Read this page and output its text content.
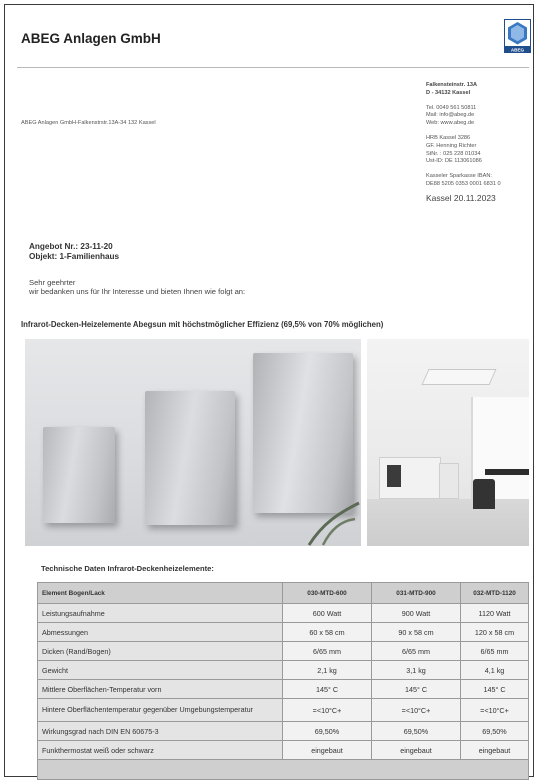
ABEG Anlagen GmbH
ABEG
ABEG Anlagen GmbH-Falkenstrstr.13A-34 132 Kassel
Falkensteinstr. 13A
D - 34132 Kassel
Tel. 0049 561 50811
Mail: info@abeg.de
Web: www.abeg.de
HRB Kassel 3286
GF. Henning Richter
StNr. : 025 228 01034
Ust-ID: DE 113061086
Kasseler Sparkasse IBAN:
DE88 5205 0353 0001 6831 0
Kassel 20.11.2023
Angebot Nr.: 23-11-20
Objekt: 1-Familienhaus
Sehr geehrter
wir bedanken uns für Ihr Interesse und bieten Ihnen wie folgt an:
Infrarot-Decken-Heizelemente Abegsun mit höchstmöglicher Effizienz (69,5% von 70% möglichen)
Technische Daten Infrarot-Deckenheizelemente:
Element Bogen/Lack	030-MTD-600	031-MTD-900	032-MTD-1120
Leistungsaufnahme	600 Watt	900 Watt	1120 Watt
Abmessungen	60 x 58 cm	90 x 58 cm	120 x 58 cm
Dicken (Rand/Bogen)	6/65 mm	6/65 mm	6/65 mm
Gewicht	2,1 kg	3,1 kg	4,1 kg
Mittlere Oberflächen-Temperatur vorn	145° C	145° C	145° C
Hintere Oberflächentemperatur gegenüber Umgebungstemperatur	=<10°C+	=<10°C+	=<10°C+
Wirkungsgrad nach DIN EN 60675-3	69,50%	69,50%	69,50%
Funkthermostat weiß oder schwarz	eingebaut	eingebaut	eingebaut
